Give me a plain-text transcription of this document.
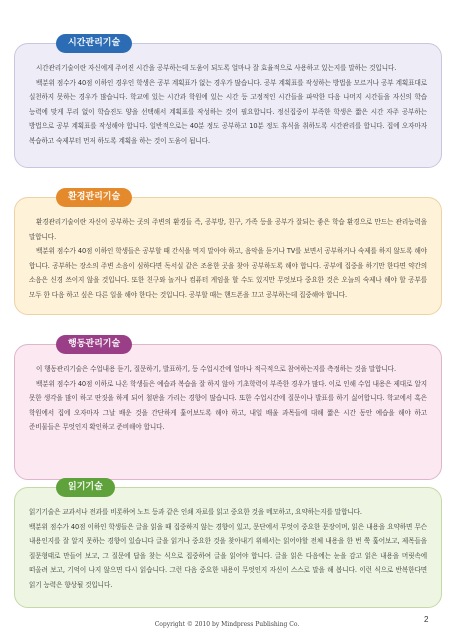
시간관리기술

시간관리기술이란 자신에게 주어진 시간을 공부하는데 도움이 되도록 얼마나 잘 효율적으로 사용하고 있는지를 말하는 것입니다.

백분위 점수가 40점 이하인 경우인 학생은 공부 계획표가 없는 경우가 많습니다. 공부 계획표를 작성하는 방법을 모르거나 공부 계획표대로 실천하지 못하는 경우가 많습니다. 학교에 있는 시간과 학원에 있는 시간 등 고정적인 시간들을 파악한 다음 나머지 시간들을 자신의 학습 능력에 맞게 무리 없이 학습진도 양을 선택해서 계획표를 작성하는 것이 필요합니다. 정신집중이 부족한 학생은 짧은 시간 자주 공부하는 방법으로 공부 계획표를 작성해야 합니다. 일반적으로는 40분 정도 공부하고 10분 정도 휴식을 취하도록 시간관리를 합니다. 집에 오자마자 복습하고 숙제부터 먼저 하도록 계획을 하는 것이 도움이 됩니다.

환경관리기술

환경관리기술이란 자신이 공부하는 곳의 주변의 환경들 즉, 공부방, 친구, 가족 등을 공부가 잘되는 좋은 학습 환경으로 만드는 관리능력을 말합니다.

백분위 점수가 40점 이하인 학생들은 공부할 때 간식을 먹지 말아야 하고, 음악을 듣거나 TV를 보면서 공부하거나 숙제를 하지 않도록 해야 합니다. 공부하는 장소의 주변 소음이 심하다면 독서실 같은 조용한 곳을 찾아 공부하도록 해야 합니다. 공부에 집중을 하기만 한다면 약간의 소음은 신경 쓰이지 않을 것입니다. 또한 친구와 놀거나 컴퓨터 게임을 할 수도 있지만 무엇보다 중요한 것은 오늘의 숙제나 해야 할 공부를 모두 한 다음 하고 싶은 다른 일을 해야 한다는 것입니다. 공부할 때는 핸드폰을 끄고 공부하는데 집중해야 합니다.

행동관리기술

이 행동관리기술은 수업내용 듣기, 질문하기, 발표하기, 등 수업시간에 얼마나 적극적으로 참여하는지를 측정하는 것을 말합니다.

백분위 점수가 40점 이하로 나온 학생들은 예습과 복습을 잘 하지 않아 기초학력이 부족한 경우가 많다. 이로 인해 수업 내용은 제대로 알지 못한 생각을 많이 하고 딴짓을 하게 되어 철판을 가리는 경향이 많습니다. 또한 수업시간에 질문이나 발표를 하기 싫어합니다. 학교에서 혹은 학원에서 집에 오자마자 그날 배운 것을 간단하게 훑어보도록 해야 하고, 내일 배울 과목들에 대해 짧은 시간 동안 예습을 해야 하고 준비물들은 무엇인지 확인하고 준비해야 합니다.

읽기기술

읽기기술은 교과서나 전과를 비롯하여 노트 등과 같은 인쇄 자료를 읽고 중요한 것을 메모하고, 요약하는지를 말합니다.

백분위 점수가 40점 이하인 학생들은 글을 읽을 때 집중하지 않는 경향이 있고, 문단에서 무엇이 중요한 문장이며, 읽은 내용을 요약하면 무슨 내용인지를 잘 알지 못하는 경향이 있습니다 글을 읽거나 중요한 것을 찾아내기 위해서는 읽어야할 전체 내용을 한 번 쭉 훑어보고, 제목들을 질문형태로 만들어 보고, 그 질문에 답을 찾는 식으로 집중하여 글을 읽어야 합니다. 글을 읽은 다음에는 눈을 감고 읽은 내용을 머릿속에 떠올려 보고, 기억이 나지 않으면 다시 읽습니다. 그런 다음 중요한 내용이 무엇인지 자신이 스스로 말을 해 봅니다. 이런 식으로 반복한다면 읽기 능력은 향상될 것입니다.

Copyright © 2010 by Mindpress Publishing Co.
2
